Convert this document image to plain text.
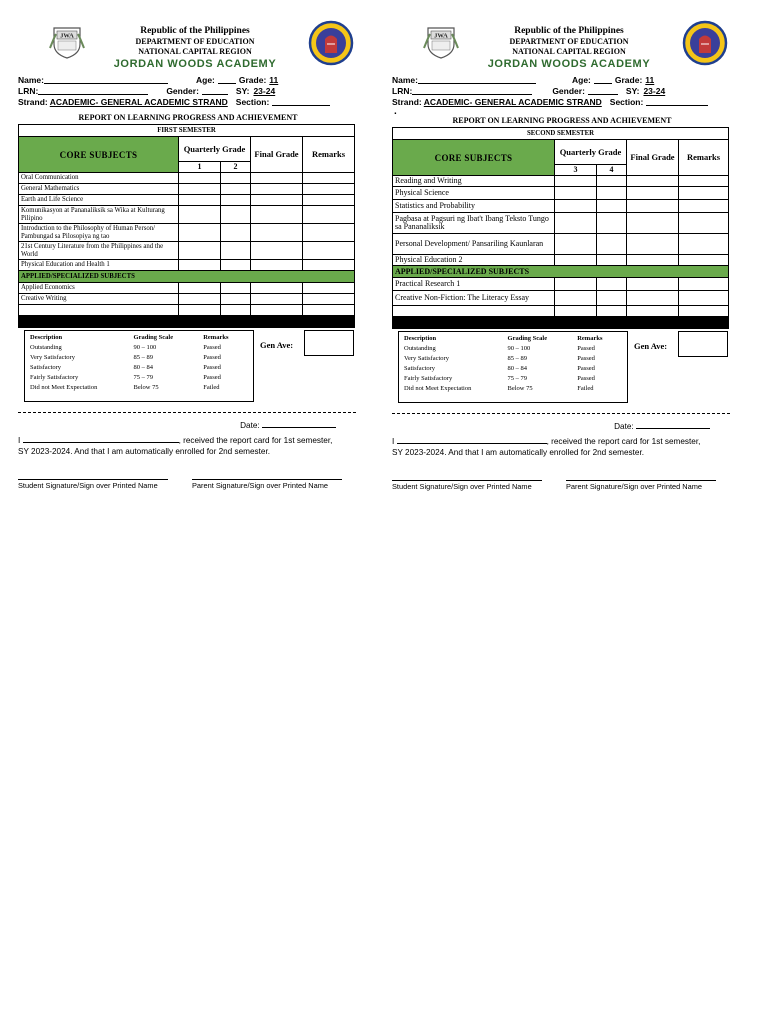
JWA	Republic of the Philippines
DEPARTMENT OF EDUCATION
NATIONAL CAPITAL REGION
JORDAN WOODS ACADEMY
Name:	Age:	Grade: 11
LRN:	Gender:	SY: 23-24
Strand: ACADEMIC- GENERAL ACADEMIC STRAND Section:
REPORT ON LEARNING PROGRESS AND ACHIEVEMENT
FIRST SEMESTER				
CORE SUBJECTS	Quarterly Grade		Final Grade	Remarks
	1	2		
Oral Communication				
General Mathematics				
Earth and Life Science				
Komunikasyon at Pananaliksik sa Wika at Kulturang Pilipino				
Introduction to the Philosophy of Human Person/ Pambungad sa Pilosopiya ng tao				
21st Century Literature from the Philippines and the World				
Physical Education and Health 1				
APPLIED/SPECIALIZED SUBJECTS				
Applied Economics				
Creative Writing				

Description	Grading Scale	Remarks
Outstanding	90 – 100	Passed
Very Satisfactory	85 – 89	Passed
Satisfactory	80 – 84	Passed
Fairly Satisfactory	75 – 79	Passed
Did not Meet Expectation	Below 75	Failed
Gen Ave:
Date:
I	, received the report card for 1st semester,
SY 2023-2024. And that I am automatically enrolled for 2nd semester.
Student Signature/Sign over Printed Name	Parent Signature/Sign over Printed Name
JWA	Republic of the Philippines
DEPARTMENT OF EDUCATION
NATIONAL CAPITAL REGION
JORDAN WOODS ACADEMY
Name:	Age:	Grade: 11
LRN:	Gender:	SY: 23-24
Strand: ACADEMIC- GENERAL ACADEMIC STRAND Section:
.
REPORT ON LEARNING PROGRESS AND ACHIEVEMENT
SECOND SEMESTER				
CORE SUBJECTS	Quarterly Grade		Final Grade	Remarks
	3	4		
Reading and Writing				
Physical Science				
Statistics and Probability				
Pagbasa at Pagsuri ng Ibat't Ibang Teksto Tungo sa Pananaliksik				
Personal Development/ Pansariling Kaunlaran				
Physical Education 2				
APPLIED/SPECIALIZED SUBJECTS				
Practical Research 1				
Creative Non-Fiction: The Literacy Essay				

Description	Grading Scale	Remarks
Outstanding	90 – 100	Passed
Very Satisfactory	85 – 89	Passed
Satisfactory	80 – 84	Passed
Fairly Satisfactory	75 – 79	Passed
Did not Meet Expectation	Below 75	Failed
Gen Ave:
Date:
I	, received the report card for 1st semester,
SY 2023-2024. And that I am automatically enrolled for 2nd semester.
Student Signature/Sign over Printed Name	Parent Signature/Sign over Printed Name
